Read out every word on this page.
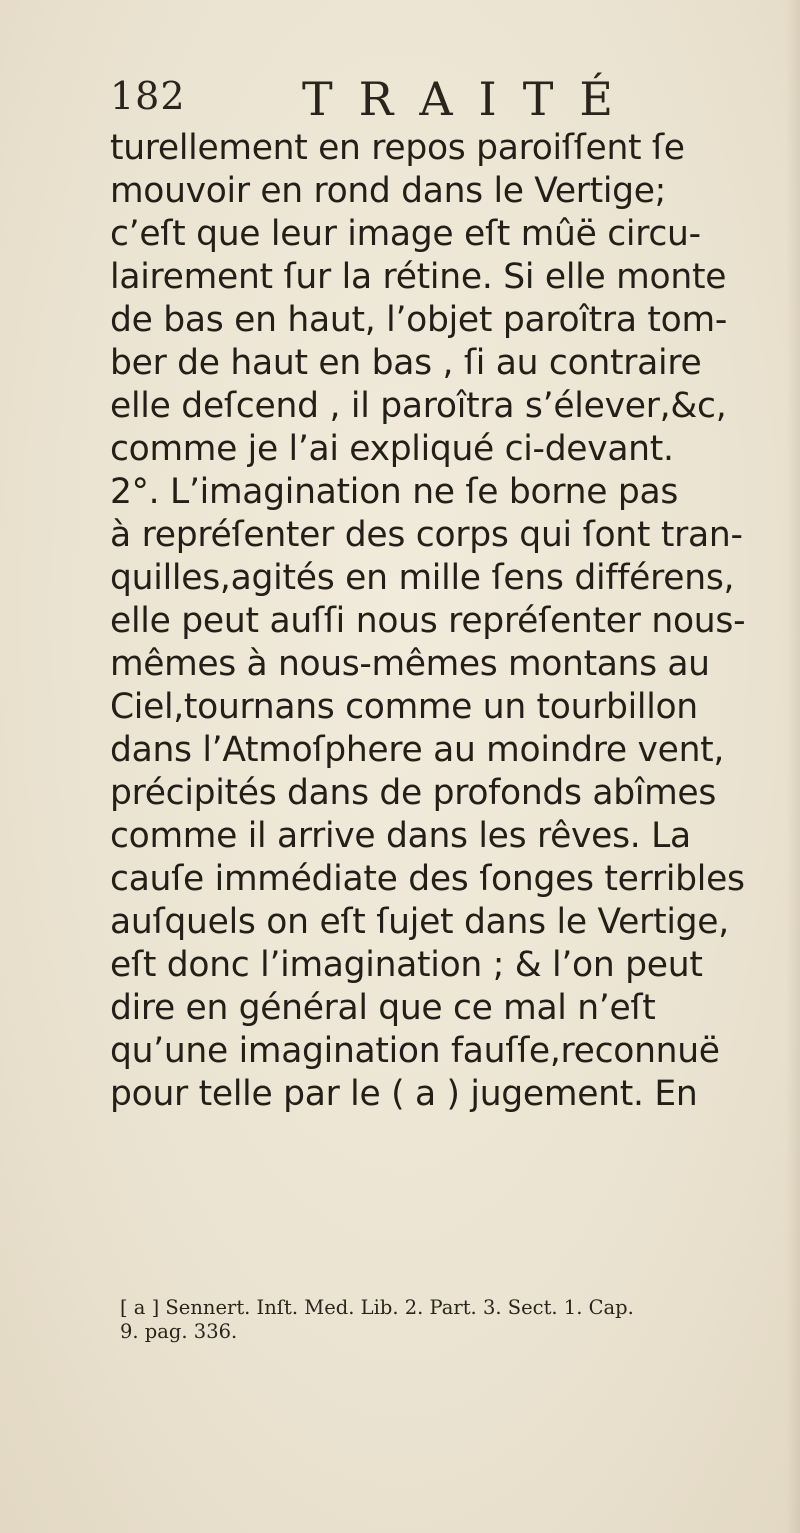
182	TRAITÉ
turellement en repos paroiſſent ſe
mouvoir en rond dans le Vertige;
c’eſt que leur image eſt mûë circu-
lairement ſur la rétine. Si elle monte
de bas en haut, l’objet paroîtra tom-
ber de haut en bas , ſi au contraire
elle deſcend , il paroîtra s’élever,&c,
comme je l’ai expliqué ci-devant.
2°. L’imagination ne ſe borne pas
à repréſenter des corps qui ſont tran-
quilles,agités en mille ſens différens,
elle peut auſſi nous repréſenter nous-
mêmes à nous-mêmes montans au
Ciel,tournans comme un tourbillon
dans l’Atmoſphere au moindre vent,
précipités dans de profonds abîmes
comme il arrive dans les rêves. La
cauſe immédiate des ſonges terribles
auſquels on eſt ſujet dans le Vertige,
eſt donc l’imagination ; & l’on peut
dire en général que ce mal n’eſt
qu’une imagination fauſſe,reconnuë
pour telle par le ( a ) jugement. En
[ a ] Sennert. Inſt. Med. Lib. 2. Part. 3. Sect. 1. Cap.
9. pag. 336.
